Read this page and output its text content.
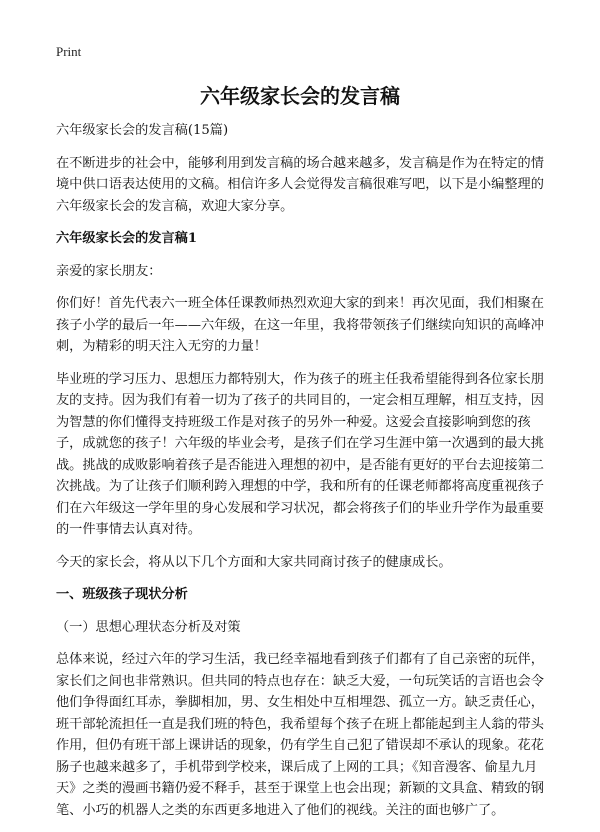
Print
六年级家长会的发言稿

六年级家长会的发言稿(15篇)

在不断进步的社会中，能够利用到发言稿的场合越来越多，发言稿是作为在特定的情境中供口语表达使用的文稿。相信许多人会觉得发言稿很难写吧，以下是小编整理的六年级家长会的发言稿，欢迎大家分享。

六年级家长会的发言稿1

亲爱的家长朋友：

你们好！首先代表六一班全体任课教师热烈欢迎大家的到来！再次见面，我们相聚在孩子小学的最后一年——六年级，在这一年里，我将带领孩子们继续向知识的高峰冲刺，为精彩的明天注入无穷的力量！

毕业班的学习压力、思想压力都特别大，作为孩子的班主任我希望能得到各位家长朋友的支持。因为我们有着一切为了孩子的共同目的，一定会相互理解，相互支持，因为智慧的你们懂得支持班级工作是对孩子的另外一种爱。这爱会直接影响到您的孩子，成就您的孩子！六年级的毕业会考，是孩子们在学习生涯中第一次遇到的最大挑战。挑战的成败影响着孩子是否能进入理想的初中，是否能有更好的平台去迎接第二次挑战。为了让孩子们顺利跨入理想的中学，我和所有的任课老师都将高度重视孩子们在六年级这一学年里的身心发展和学习状况，都会将孩子们的毕业升学作为最重要的一件事情去认真对待。

今天的家长会，将从以下几个方面和大家共同商讨孩子的健康成长。

一、班级孩子现状分析

（一）思想心理状态分析及对策

总体来说，经过六年的学习生活，我已经幸福地看到孩子们都有了自己亲密的玩伴，家长们之间也非常熟识。但共同的特点也存在：缺乏大爱，一句玩笑话的言语也会令他们争得面红耳赤，拳脚相加，男、女生相处中互相埋怨、孤立一方。缺乏责任心，班干部轮流担任一直是我们班的特色，我希望每个孩子在班上都能起到主人翁的带头作用，但仍有班干部上课讲话的现象，仍有学生自己犯了错误却不承认的现象。花花肠子也越来越多了，手机带到学校来，课后成了上网的工具；《知音漫客、偷星九月天》之类的漫画书籍仍爱不释手，甚至于课堂上也会出现；新颖的文具盒、精致的钢笔、小巧的机器人之类的东西更多地进入了他们的视线。关注的面也够广了。
